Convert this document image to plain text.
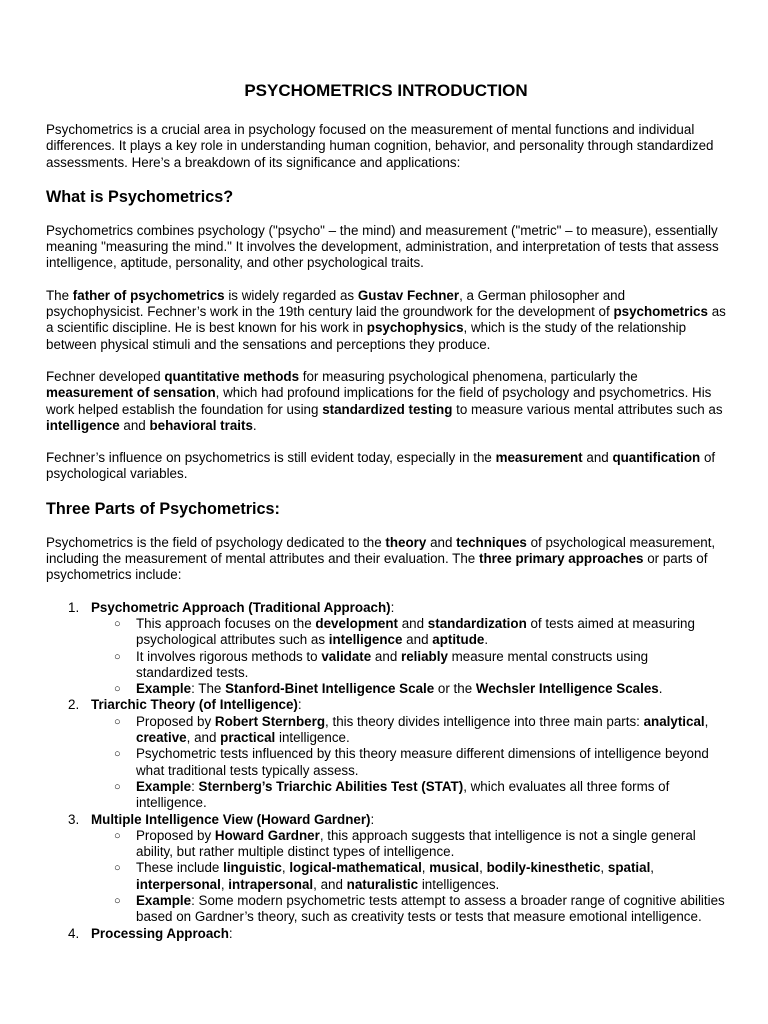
PSYCHOMETRICS INTRODUCTION

Psychometrics is a crucial area in psychology focused on the measurement of mental functions and individual differences. It plays a key role in understanding human cognition, behavior, and personality through standardized assessments. Here’s a breakdown of its significance and applications:

What is Psychometrics?

Psychometrics combines psychology ("psycho" – the mind) and measurement ("metric" – to measure), essentially meaning "measuring the mind." It involves the development, administration, and interpretation of tests that assess intelligence, aptitude, personality, and other psychological traits.

The father of psychometrics is widely regarded as Gustav Fechner, a German philosopher and psychophysicist. Fechner’s work in the 19th century laid the groundwork for the development of psychometrics as a scientific discipline. He is best known for his work in psychophysics, which is the study of the relationship between physical stimuli and the sensations and perceptions they produce.

Fechner developed quantitative methods for measuring psychological phenomena, particularly the measurement of sensation, which had profound implications for the field of psychology and psychometrics. His work helped establish the foundation for using standardized testing to measure various mental attributes such as intelligence and behavioral traits.

Fechner’s influence on psychometrics is still evident today, especially in the measurement and quantification of psychological variables.

Three Parts of Psychometrics:

Psychometrics is the field of psychology dedicated to the theory and techniques of psychological measurement, including the measurement of mental attributes and their evaluation. The three primary approaches or parts of psychometrics include:

1. Psychometric Approach (Traditional Approach):
○ This approach focuses on the development and standardization of tests aimed at measuring psychological attributes such as intelligence and aptitude.
○ It involves rigorous methods to validate and reliably measure mental constructs using standardized tests.
○ Example: The Stanford-Binet Intelligence Scale or the Wechsler Intelligence Scales.
2. Triarchic Theory (of Intelligence):
○ Proposed by Robert Sternberg, this theory divides intelligence into three main parts: analytical, creative, and practical intelligence.
○ Psychometric tests influenced by this theory measure different dimensions of intelligence beyond what traditional tests typically assess.
○ Example: Sternberg’s Triarchic Abilities Test (STAT), which evaluates all three forms of intelligence.
3. Multiple Intelligence View (Howard Gardner):
○ Proposed by Howard Gardner, this approach suggests that intelligence is not a single general ability, but rather multiple distinct types of intelligence.
○ These include linguistic, logical-mathematical, musical, bodily-kinesthetic, spatial, interpersonal, intrapersonal, and naturalistic intelligences.
○ Example: Some modern psychometric tests attempt to assess a broader range of cognitive abilities based on Gardner’s theory, such as creativity tests or tests that measure emotional intelligence.
4. Processing Approach:
